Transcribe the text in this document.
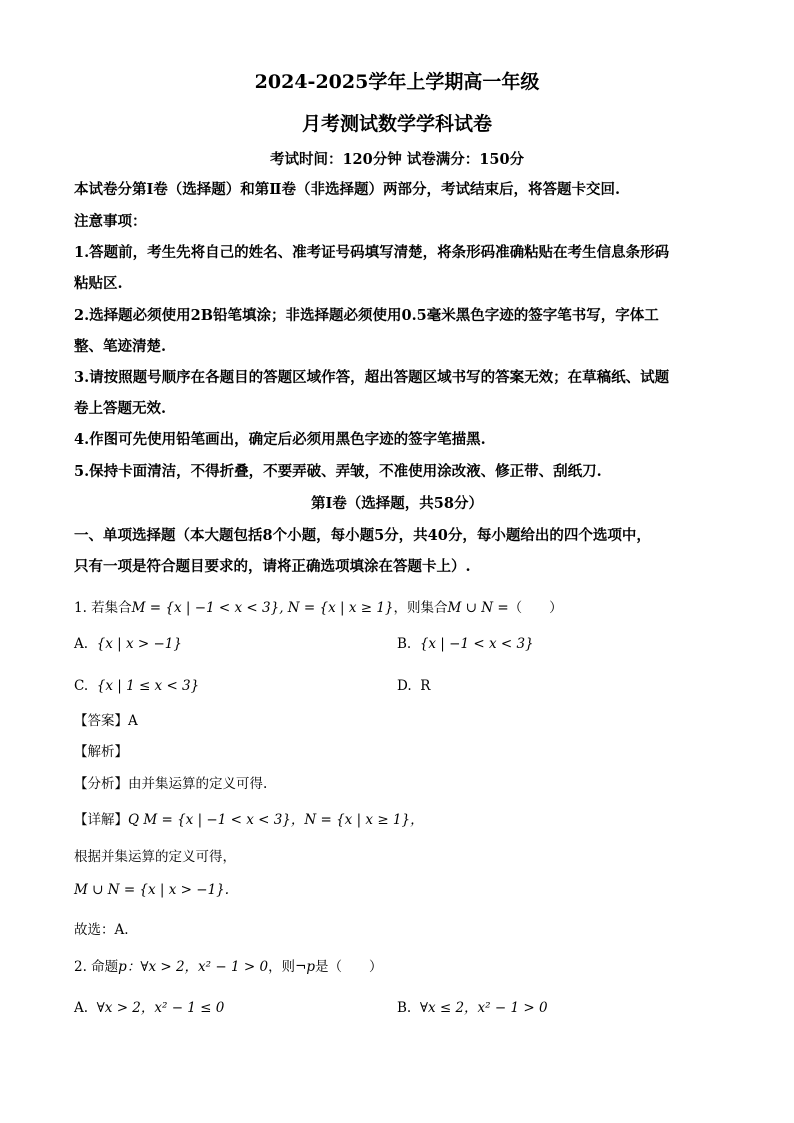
2024-2025学年上学期高一年级
月考测试数学学科试卷
考试时间：120分钟 试卷满分：150分
本试卷分第Ⅰ卷（选择题）和第Ⅱ卷（非选择题）两部分，考试结束后，将答题卡交回.
注意事项：
1.答题前，考生先将自己的姓名、准考证号码填写清楚，将条形码准确粘贴在考生信息条形码
粘贴区.
2.选择题必须使用2B铅笔填涂；非选择题必须使用0.5毫米黑色字迹的签字笔书写，字体工
整、笔迹清楚.
3.请按照题号顺序在各题目的答题区域作答，超出答题区域书写的答案无效；在草稿纸、试题
卷上答题无效.
4.作图可先使用铅笔画出，确定后必须用黑色字迹的签字笔描黑.
5.保持卡面清洁，不得折叠，不要弄破、弄皱，不准使用涂改液、修正带、刮纸刀.
第Ⅰ卷（选择题，共58分）
一、单项选择题（本大题包括8个小题，每小题5分，共40分，每小题给出的四个选项中，
只有一项是符合题目要求的，请将正确选项填涂在答题卡上）.
1. 若集合M = {x | −1 < x < 3}, N = {x | x ≥ 1}，则集合M ∪ N =（　　）
A. {x | x > −1}	B. {x | −1 < x < 3}
C. {x | 1 ≤ x < 3}	D. R
【答案】A
【解析】
【分析】由并集运算的定义可得.
【详解】Q M = {x | −1 < x < 3}，N = {x | x ≥ 1}，
根据并集运算的定义可得，
M ∪ N = {x | x > −1}.
故选：A.
2. 命题p：∀x > 2，x² − 1 > 0，则¬p是（　　）
A. ∀x > 2，x² − 1 ≤ 0	B. ∀x ≤ 2，x² − 1 > 0
